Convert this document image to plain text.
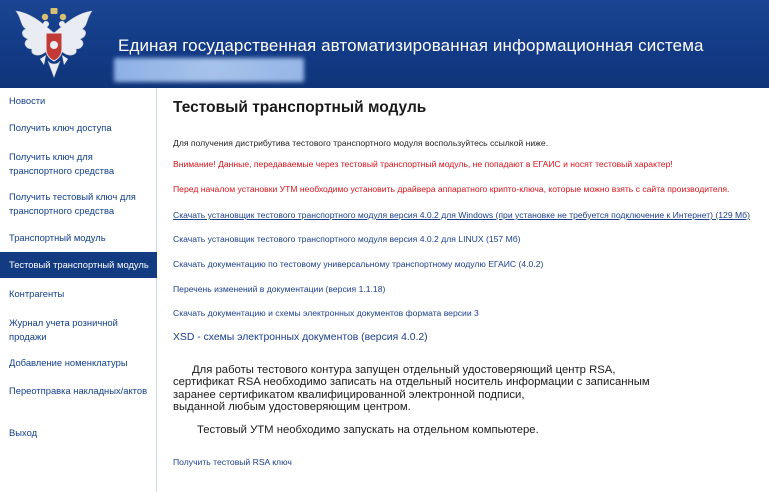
Единая государственная автоматизированная информационная система
Новости
Получить ключ доступа
Получить ключ для транспортного средства
Получить тестовый ключ для транспортного средства
Транспортный модуль
Тестовый транспортный модуль
Контрагенты
Журнал учета розничной продажи
Добавление номенклатуры
Переотправка накладных/актов
Выход
Тестовый транспортный модуль
Для получения дистрибутива тестового транспортного модуля воспользуйтесь ссылкой ниже.
Внимание! Данные, передаваемые через тестовый транспортный модуль, не попадают в ЕГАИС и носят тестовый характер!
Перед началом установки УТМ необходимо установить драйвера аппаратного крипто-ключа, которые можно взять с сайта производителя.
Скачать установщик тестового транспортного модуля версия 4.0.2 для Windows (при установке не требуется подключение к Интернет) (129 Мб)
Скачать установщик тестового транспортного модуля версия 4.0.2 для LINUX (157 Мб)
Скачать документацию по тестовому универсальному транспортному модулю ЕГАИС (4.0.2)
Перечень изменений в документации (версия 1.1.18)
Скачать документацию и схемы электронных документов формата версии 3
XSD - схемы электронных документов (версия 4.0.2)
Для работы тестового контура запущен отдельный удостоверяющий центр RSA,
сертификат RSA необходимо записать на отдельный носитель информации с записанным
заранее сертификатом квалифицированной электронной подписи,
выданной любым удостоверяющим центром.
Тестовый УТМ необходимо запускать на отдельном компьютере.
Получить тестовый RSA ключ
